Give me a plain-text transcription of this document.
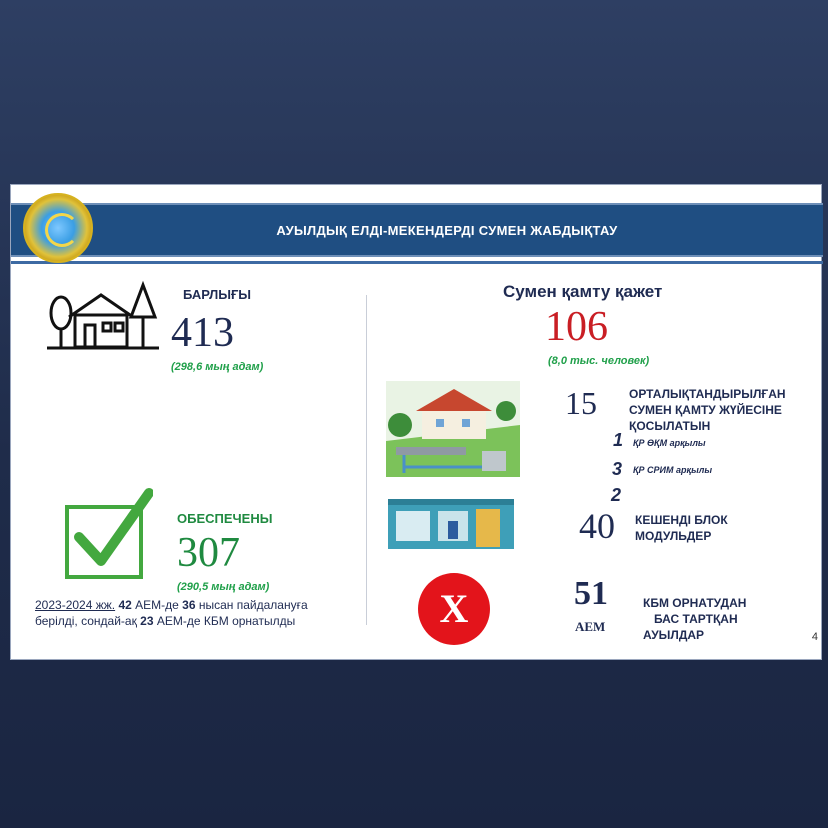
АУЫЛДЫҚ ЕЛДІ-МЕКЕНДЕРДІ СУМЕН ЖАБДЫҚТАУ
БАРЛЫҒЫ
413
(298,6 мың адам)
ОБЕСПЕЧЕНЫ
307
(290,5 мың адам)
2023-2024 жж. 42 АЕМ-де 36 нысан пайдалануға
берілді, сондай-ақ 23 АЕМ-де КБМ орнатылды
Сумен қамту қажет
106
(8,0 тыс. человек)
15	ОРТАЛЫҚТАНДЫРЫЛҒАН
СУМЕН ҚАМТУ ЖҮЙЕСІНЕ
ҚОСЫЛАТЫН
1 ҚР ӨҚМ арқылы
3 ҚР СРИМ арқылы
2
40 КЕШЕНДІ БЛОК
МОДУЛЬДЕР
X	51
АЕМ
КБМ ОРНАТУДАН
БАС ТАРТҚАН
АУЫЛДАР	4
